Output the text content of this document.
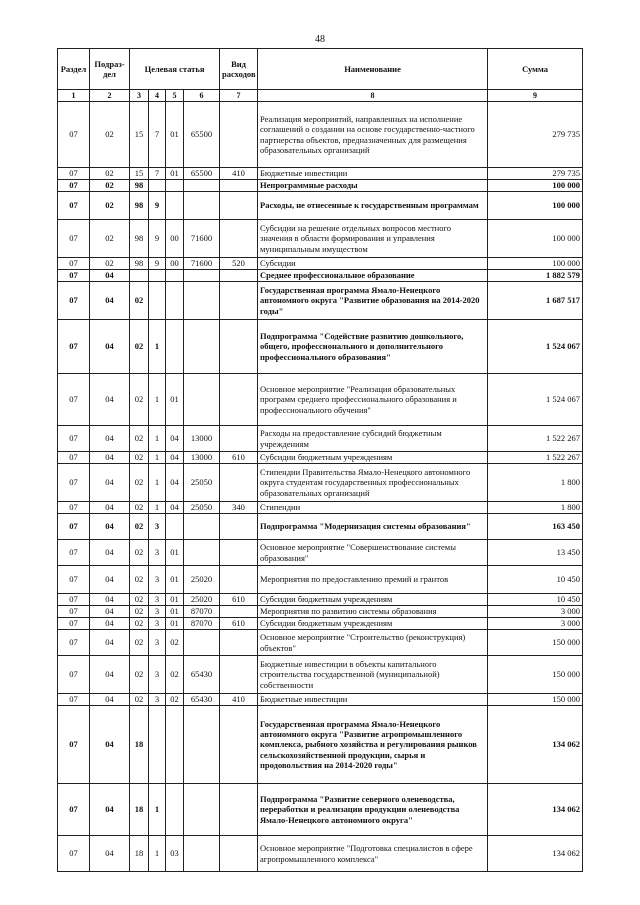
48
Раздел	Подраз-дел	Целевая статья				Вид расходов	Наименование	Сумма
1	2	3	4	5	6	7	8	9
07	02	15	7	01	65500		Реализация мероприятий, направленных на исполнение соглашений о создании на основе государственно-частного партнерства объектов, предназначенных для размещения образовательных организаций	279 735
07	02	15	7	01	65500	410	Бюджетные инвестиции	279 735
07	02	98					Непрограммные расходы	100 000
07	02	98	9				Расходы, не отнесенные к государственным программам	100 000
07	02	98	9	00	71600		Субсидии на решение отдельных вопросов местного значения в области формирования и управления муниципальным имуществом	100 000
07	02	98	9	00	71600	520	Субсидии	100 000
07	04						Среднее профессиональное образование	1 882 579
07	04	02					Государственная программа Ямало-Ненецкого автономного округа "Развитие образования на 2014-2020 годы"	1 687 517
07	04	02	1				Подпрограмма "Содействие развитию дошкольного, общего, профессионального и дополнительного профессионального образования"	1 524 067
07	04	02	1	01			Основное мероприятие "Реализация образовательных программ среднего профессионального образования и профессионального обучения"	1 524 067
07	04	02	1	04	13000		Расходы на предоставление субсидий бюджетным учреждениям	1 522 267
07	04	02	1	04	13000	610	Субсидии бюджетным учреждениям	1 522 267
07	04	02	1	04	25050		Стипендии Правительства Ямало-Ненецкого автономного округа студентам государственных профессиональных образовательных организаций	1 800
07	04	02	1	04	25050	340	Стипендии	1 800
07	04	02	3				Подпрограмма "Модернизация системы образования"	163 450
07	04	02	3	01			Основное мероприятие "Совершенствование системы образования"	13 450
07	04	02	3	01	25020		Мероприятия по предоставлению премий и грантов	10 450
07	04	02	3	01	25020	610	Субсидии бюджетным учреждениям	10 450
07	04	02	3	01	87070		Мероприятия по развитию системы образования	3 000
07	04	02	3	01	87070	610	Субсидии бюджетным учреждениям	3 000
07	04	02	3	02			Основное мероприятие "Строительство (реконструкция) объектов"	150 000
07	04	02	3	02	65430		Бюджетные инвестиции в объекты капитального строительства государственной (муниципальной) собственности	150 000
07	04	02	3	02	65430	410	Бюджетные инвестиции	150 000
07	04	18					Государственная программа Ямало-Ненецкого автономного округа "Развитие агропромышленного комплекса, рыбного хозяйства и регулирования рынков сельскохозяйственной продукции, сырья и продовольствия на 2014-2020 годы"	134 062
07	04	18	1				Подпрограмма "Развитие северного оленеводства, переработки и реализации продукции оленеводства Ямало-Ненецкого автономного округа"	134 062
07	04	18	1	03			Основное мероприятие "Подготовка специалистов в сфере агропромышленного комплекса"	134 062
